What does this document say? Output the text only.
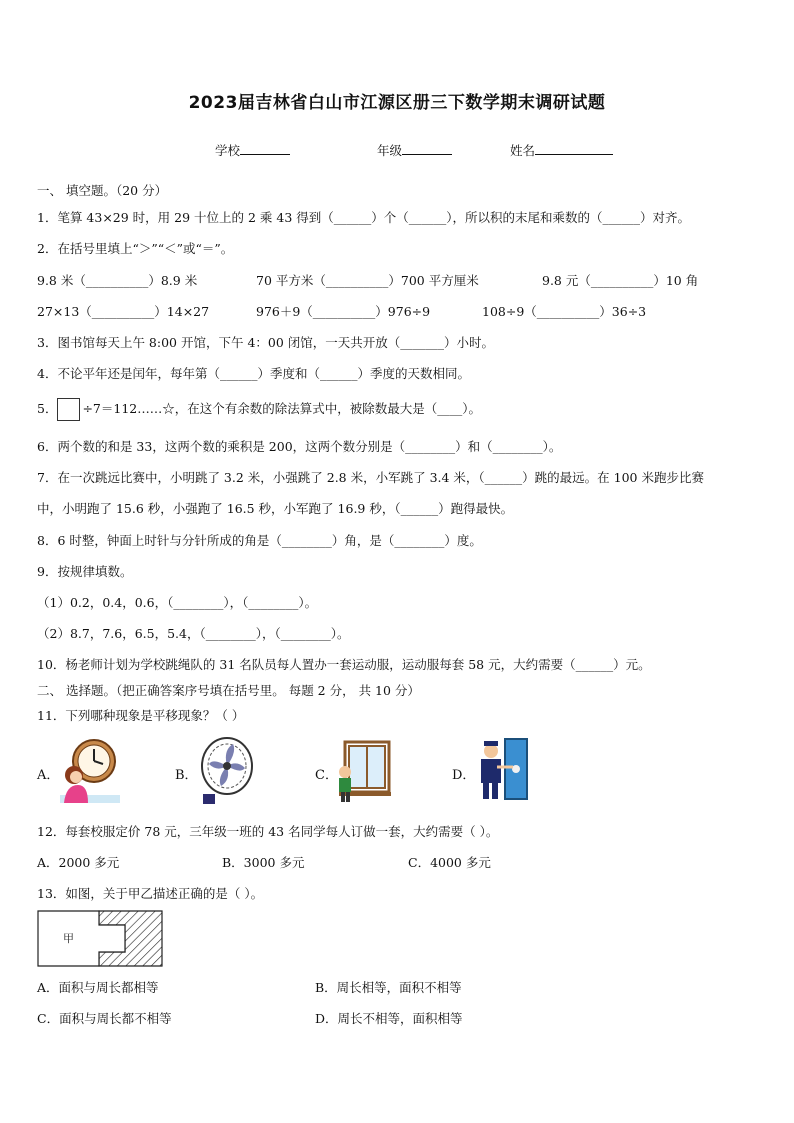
2023届吉林省白山市江源区册三下数学期末调研试题
学校	年级	姓名
一、 填空题。（20 分）
1．笔算 43×29 时，用 29 十位上的 2 乘 43 得到（______）个（______），所以积的末尾和乘数的（______）对齐。
2．在括号里填上“＞”“＜”或“＝”。
9.8 米（__________）8.9 米	70 平方米（__________）700 平方厘米	9.8 元（__________）10 角
27×13（__________）14×27	976＋9（__________）976÷9	108÷9（__________）36÷3
3．图书馆每天上午 8:00 开馆，下午 4：00 闭馆，一天共开放（_______）小时。
4．不论平年还是闰年，每年第（______）季度和（______）季度的天数相同。
5． ÷7＝112……☆，在这个有余数的除法算式中，被除数最大是（____）。
6．两个数的和是 33，这两个数的乘积是 200，这两个数分别是（________）和（________）。
7．在一次跳远比赛中，小明跳了 3.2 米，小强跳了 2.8 米，小军跳了 3.4 米，（______）跳的最远。在 100 米跑步比赛
中，小明跑了 15.6 秒，小强跑了 16.5 秒，小军跑了 16.9 秒，（______）跑得最快。
8．6 时整，钟面上时针与分针所成的角是（________）角，是（________）度。
9．按规律填数。
（1）0.2，0.4，0.6，（________），（________）。
（2）8.7，7.6，6.5，5.4，（________），（________）。
10．杨老师计划为学校跳绳队的 31 名队员每人置办一套运动服，运动服每套 58 元，大约需要（______）元。
二、 选择题。（把正确答案序号填在括号里。 每题 2 分， 共 10 分）
11．下列哪种现象是平移现象？（ ）
A．	B．	C．	D．
12．每套校服定价 78 元，三年级一班的 43 名同学每人订做一套，大约需要（ ）。
A．2000 多元	B．3000 多元	C．4000 多元
13．如图，关于甲乙描述正确的是（ ）。
甲
A．面积与周长都相等	B．周长相等，面积不相等
C．面积与周长都不相等	D．周长不相等，面积相等
